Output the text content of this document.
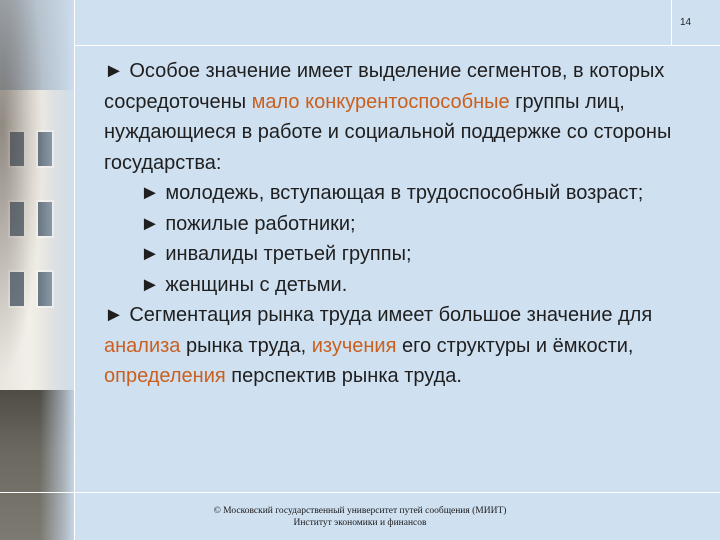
14

► Особое значение имеет выделение сегментов, в которых сосредоточены мало конкурентоспособные группы лиц, нуждающиеся в работе и социальной поддержке со стороны государства:

► молодежь, вступающая в трудоспособный возраст;

► пожилые работники;

► инвалиды третьей группы;

► женщины с детьми.

► Сегментация рынка труда имеет большое значение для анализа рынка труда, изучения его структуры и ёмкости, определения перспектив рынка труда.

© Московский государственный университет путей сообщения (МИИТ)
Институт экономики и финансов
